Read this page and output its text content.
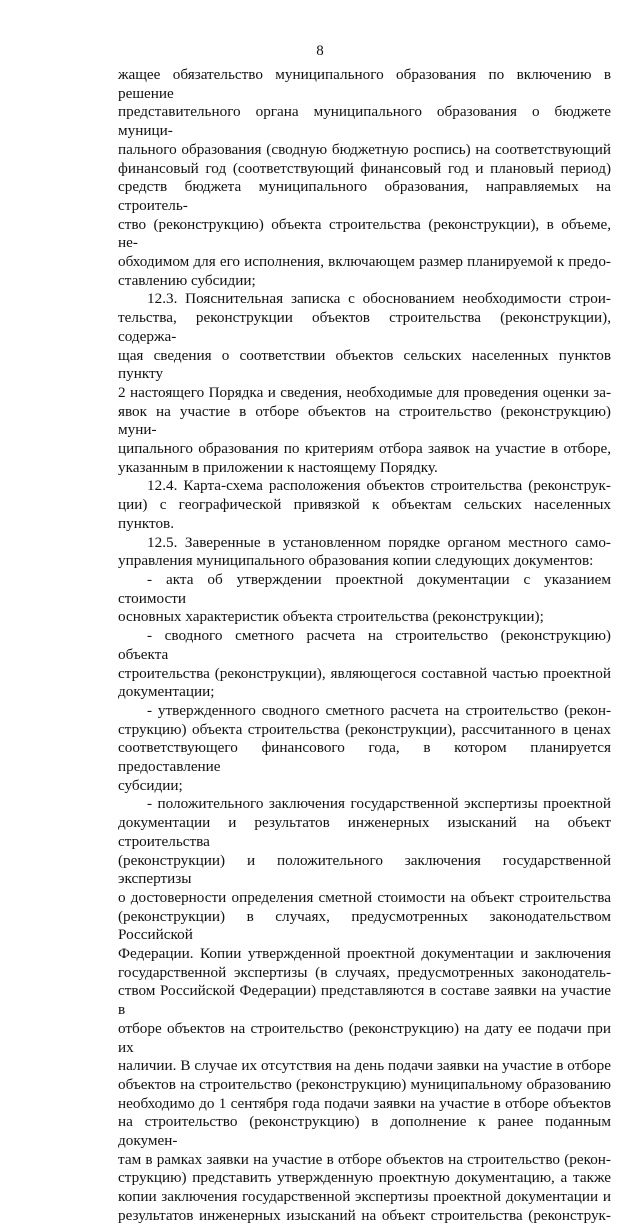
8

жащее обязательство муниципального образования по включению в решение

представительного органа муниципального образования о бюджете муници-

пального образования (сводную бюджетную роспись) на соответствующий

финансовый год (соответствующий финансовый год и плановый период)

средств бюджета муниципального образования, направляемых на строитель-

ство (реконструкцию) объекта строительства (реконструкции), в объеме, не-

обходимом для его исполнения, включающем размер планируемой к предо-

ставлению субсидии;

12.3. Пояснительная записка с обоснованием необходимости строи-

тельства, реконструкции объектов строительства (реконструкции), содержа-

щая сведения о соответствии объектов сельских населенных пунктов пункту

2 настоящего Порядка и сведения, необходимые для проведения оценки за-

явок на участие в отборе объектов на строительство (реконструкцию) муни-

ципального образования по критериям отбора заявок на участие в отборе,

указанным в приложении к настоящему Порядку.

12.4. Карта-схема расположения объектов строительства (реконструк-

ции) с географической привязкой к объектам сельских населенных пунктов.

12.5. Заверенные в установленном порядке органом местного само-

управления муниципального образования копии следующих документов:

- акта об утверждении проектной документации с указанием стоимости

основных характеристик объекта строительства (реконструкции);

- сводного сметного расчета на строительство (реконструкцию) объекта

строительства (реконструкции), являющегося составной частью проектной

документации;

- утвержденного сводного сметного расчета на строительство (рекон-

струкцию) объекта строительства (реконструкции), рассчитанного в ценах

соответствующего финансового года, в котором планируется предоставление

субсидии;

- положительного заключения государственной экспертизы проектной

документации и результатов инженерных изысканий на объект строительства

(реконструкции) и положительного заключения государственной экспертизы

о достоверности определения сметной стоимости на объект строительства

(реконструкции) в случаях, предусмотренных законодательством Российской

Федерации. Копии утвержденной проектной документации и заключения

государственной экспертизы (в случаях, предусмотренных законодатель-

ством Российской Федерации) представляются в составе заявки на участие в

отборе объектов на строительство (реконструкцию) на дату ее подачи при их

наличии. В случае их отсутствия на день подачи заявки на участие в отборе

объектов на строительство (реконструкцию) муниципальному образованию

необходимо до 1 сентября года подачи заявки на участие в отборе объектов

на строительство (реконструкцию) в дополнение к ранее поданным докумен-

там в рамках заявки на участие в отборе объектов на строительство (рекон-

струкцию) представить утвержденную проектную документацию, а также

копии заключения государственной экспертизы проектной документации и

результатов инженерных изысканий на объект строительства (реконструк-
